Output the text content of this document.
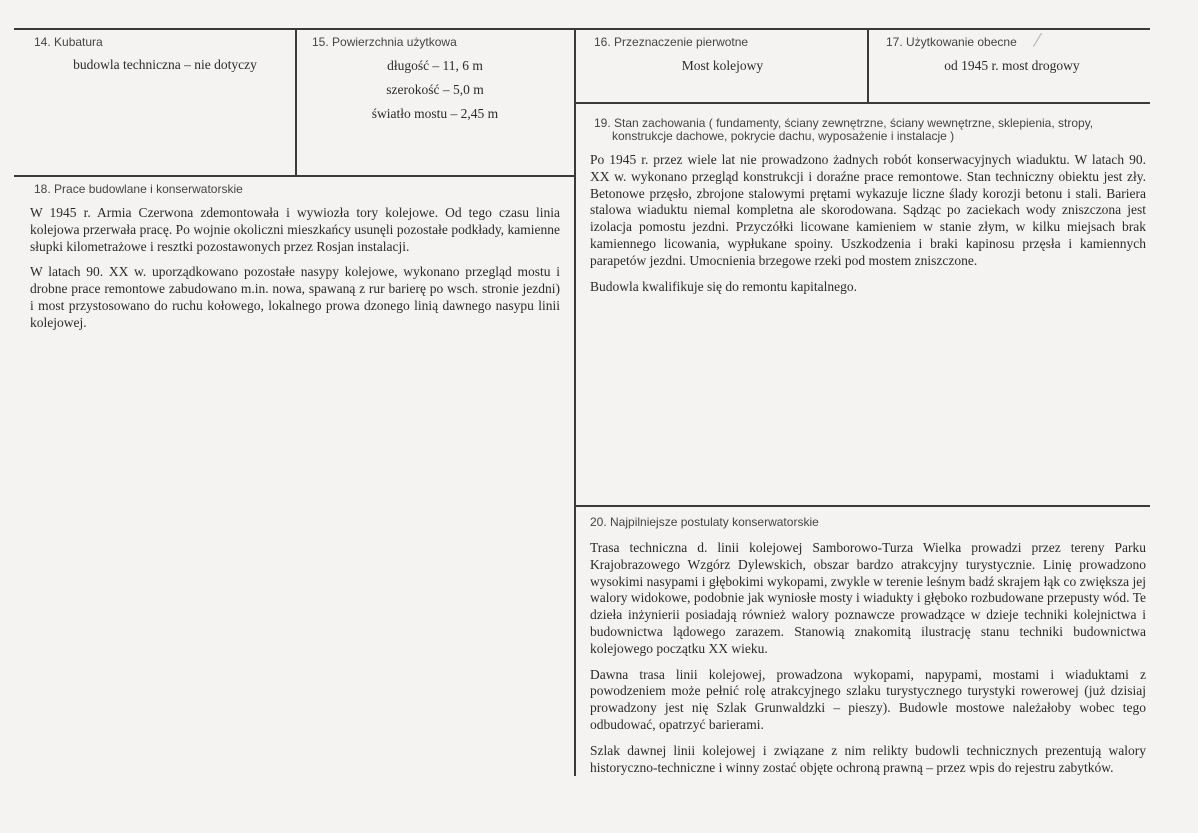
14. Kubatura
budowla techniczna – nie dotyczy
15. Powierzchnia użytkowa
długość – 11, 6 m
szerokość – 5,0 m
światło mostu – 2,45 m
16. Przeznaczenie pierwotne
Most kolejowy
17. Użytkowanie obecne
od 1945 r. most drogowy
18. Prace budowlane i konserwatorskie

W 1945 r. Armia Czerwona zdemontowała i wywiozła tory kolejowe. Od tego czasu linia kolejowa przerwała pracę. Po wojnie okoliczni mieszkańcy usunęli pozostałe podkłady, kamienne słupki kilometrażowe i resztki pozostawonych przez Rosjan instalacji.

W latach 90. XX w. uporządkowano pozostałe nasypy kolejowe, wykonano przegląd mostu i drobne prace remontowe zabudowano m.in. nowa, spawaną z rur barierę po wsch. stronie jezdni) i most przystosowano do ruchu kołowego, lokalnego prowa dzonego linią dawnego nasypu linii kolejowej.

19. Stan zachowania ( fundamenty, ściany zewnętrzne, ściany wewnętrzne, sklepienia, stropy,
konstrukcje dachowe, pokrycie dachu, wyposażenie i instalacje )

Po 1945 r. przez wiele lat nie prowadzono żadnych robót konserwacyjnych wiaduktu. W latach 90. XX w. wykonano przegląd konstrukcji i doraźne prace remontowe. Stan techniczny obiektu jest zły. Betonowe przęsło, zbrojone stalowymi prętami wykazuje liczne ślady korozji betonu i stali. Bariera stalowa wiaduktu niemal kompletna ale skorodowana. Sądząc po zaciekach wody zniszczona jest izolacja pomostu jezdni. Przyczółki licowane kamieniem w stanie złym, w kilku miejsach brak kamiennego licowania, wypłukane spoiny. Uszkodzenia i braki kapinosu przęsła i kamiennych parapetów jezdni. Umocnienia brzegowe rzeki pod mostem zniszczone.

Budowla kwalifikuje się do remontu kapitalnego.

20. Najpilniejsze postulaty konserwatorskie

Trasa techniczna d. linii kolejowej Samborowo-Turza Wielka prowadzi przez tereny Parku Krajobrazowego Wzgórz Dylewskich, obszar bardzo atrakcyjny turystycznie. Linię prowadzono wysokimi nasypami i głębokimi wykopami, zwykle w terenie leśnym badź skrajem łąk co zwiększa jej walory widokowe, podobnie jak wyniosłe mosty i wiadukty i głęboko rozbudowane przepusty wód. Te dzieła inżynierii posiadają również walory poznawcze prowadzące w dzieje techniki kolejnictwa i budownictwa lądowego zarazem. Stanowią znakomitą ilustrację stanu techniki budownictwa kolejowego początku XX wieku.

Dawna trasa linii kolejowej, prowadzona wykopami, napypami, mostami i wiaduktami z powodzeniem może pełnić rolę atrakcyjnego szlaku turystycznego turystyki rowerowej (już dzisiaj prowadzony jest nię Szlak Grunwaldzki – pieszy). Budowle mostowe należałoby wobec tego odbudować, opatrzyć barierami.

Szlak dawnej linii kolejowej i związane z nim relikty budowli technicznych prezentują walory historyczno-techniczne i winny zostać objęte ochroną prawną – przez wpis do rejestru zabytków.

⁄
